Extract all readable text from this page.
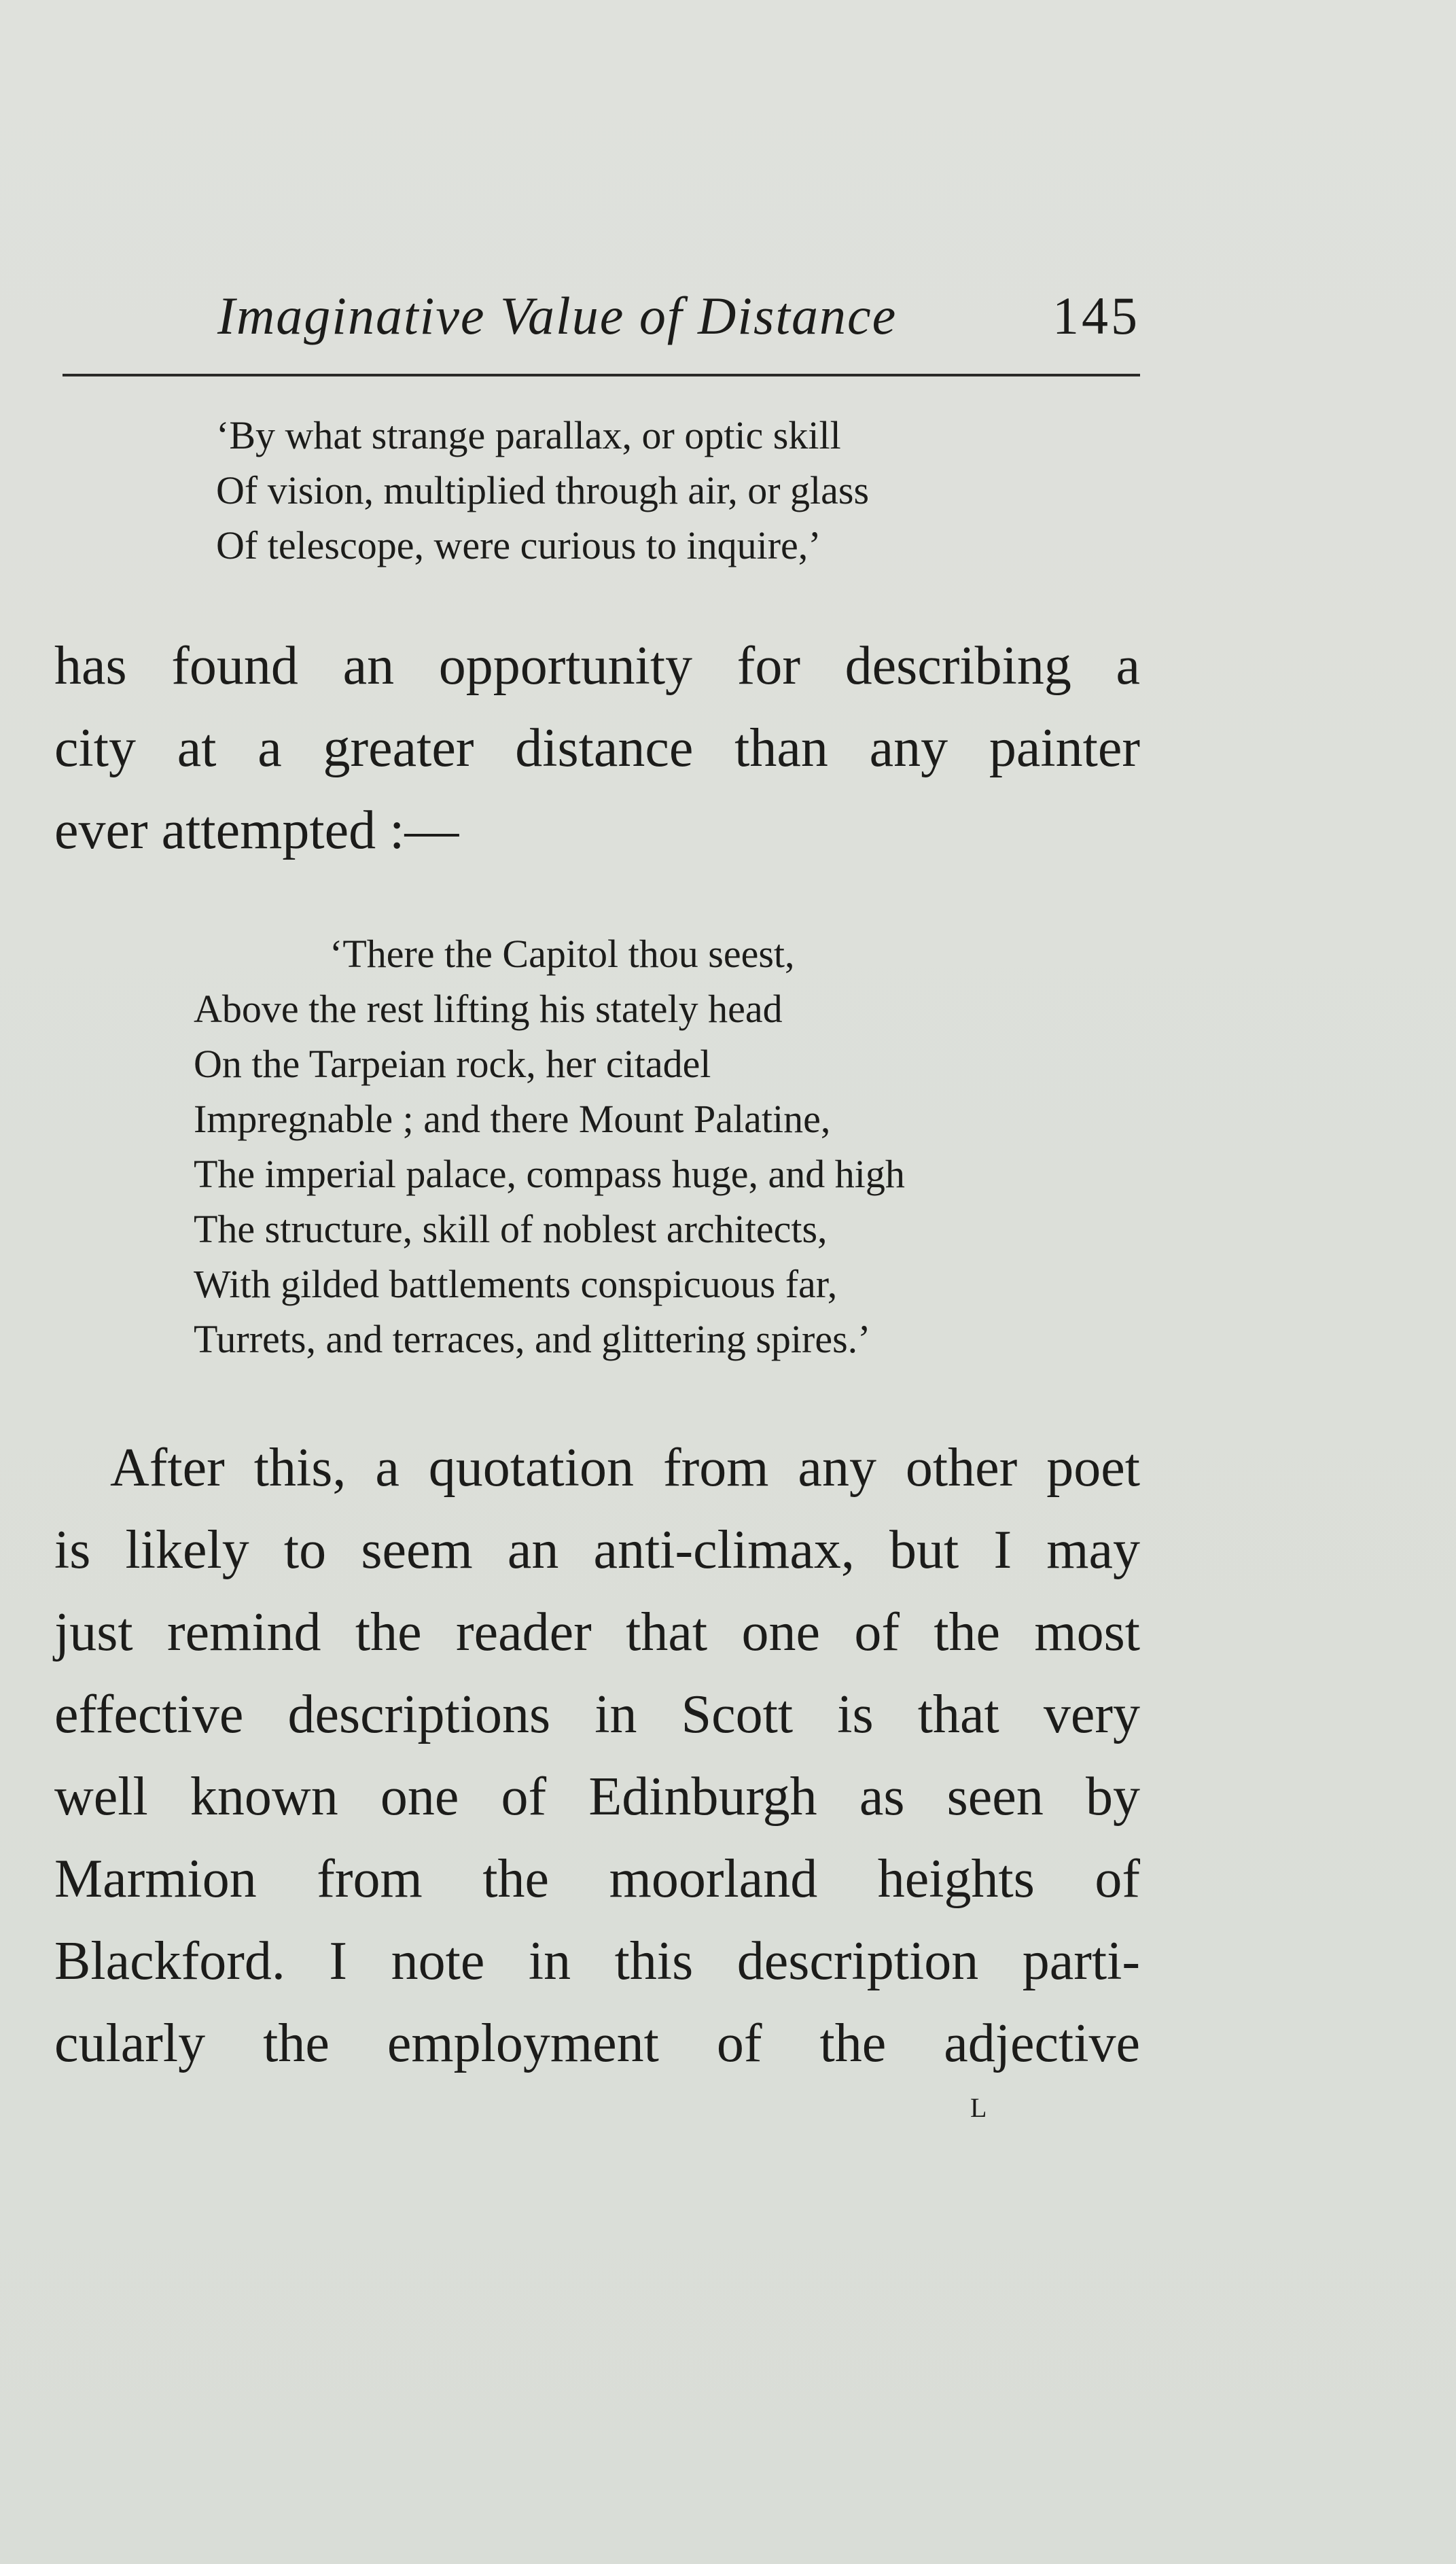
Imaginative Value of Distance	145
‘By what strange parallax, or optic skill
Of vision, multiplied through air, or glass
Of telescope, were curious to inquire,’
has found an opportunity for describing a
city at a greater distance than any painter
ever attempted :—
‘There the Capitol thou seest,
Above the rest lifting his stately head
On the Tarpeian rock, her citadel
Impregnable ; and there Mount Palatine,
The imperial palace, compass huge, and high
The structure, skill of noblest architects,
With gilded battlements conspicuous far,
Turrets, and terraces, and glittering spires.’
After this, a quotation from any other poet
is likely to seem an anti-climax, but I may
just remind the reader that one of the most
effective descriptions in Scott is that very
well known one of Edinburgh as seen by
Marmion from the moorland heights of
Blackford. I note in this description parti-
cularly the employment of the adjective
L
